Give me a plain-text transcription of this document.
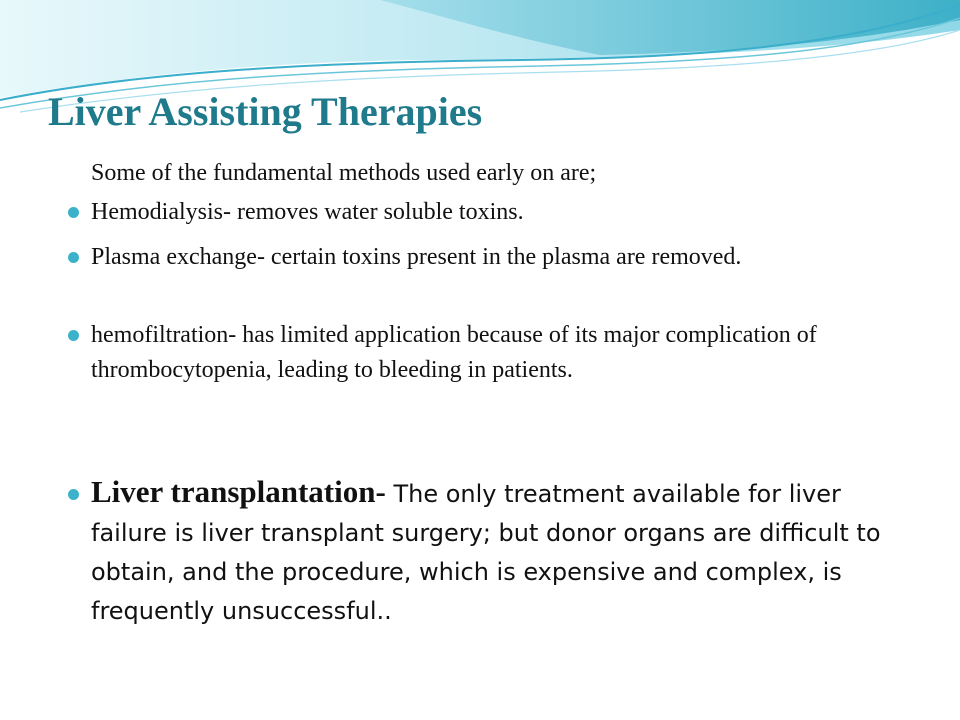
Liver Assisting Therapies
Some of the fundamental methods used early on are;
Hemodialysis- removes water soluble toxins.
Plasma exchange- certain toxins present in the plasma are removed.
hemofiltration- has limited application because of its major complication of thrombocytopenia, leading to bleeding in patients.
Liver transplantation- The only treatment available for liver failure is liver transplant surgery; but donor organs are difficult to obtain, and the procedure, which is expensive and complex, is frequently unsuccessful..
